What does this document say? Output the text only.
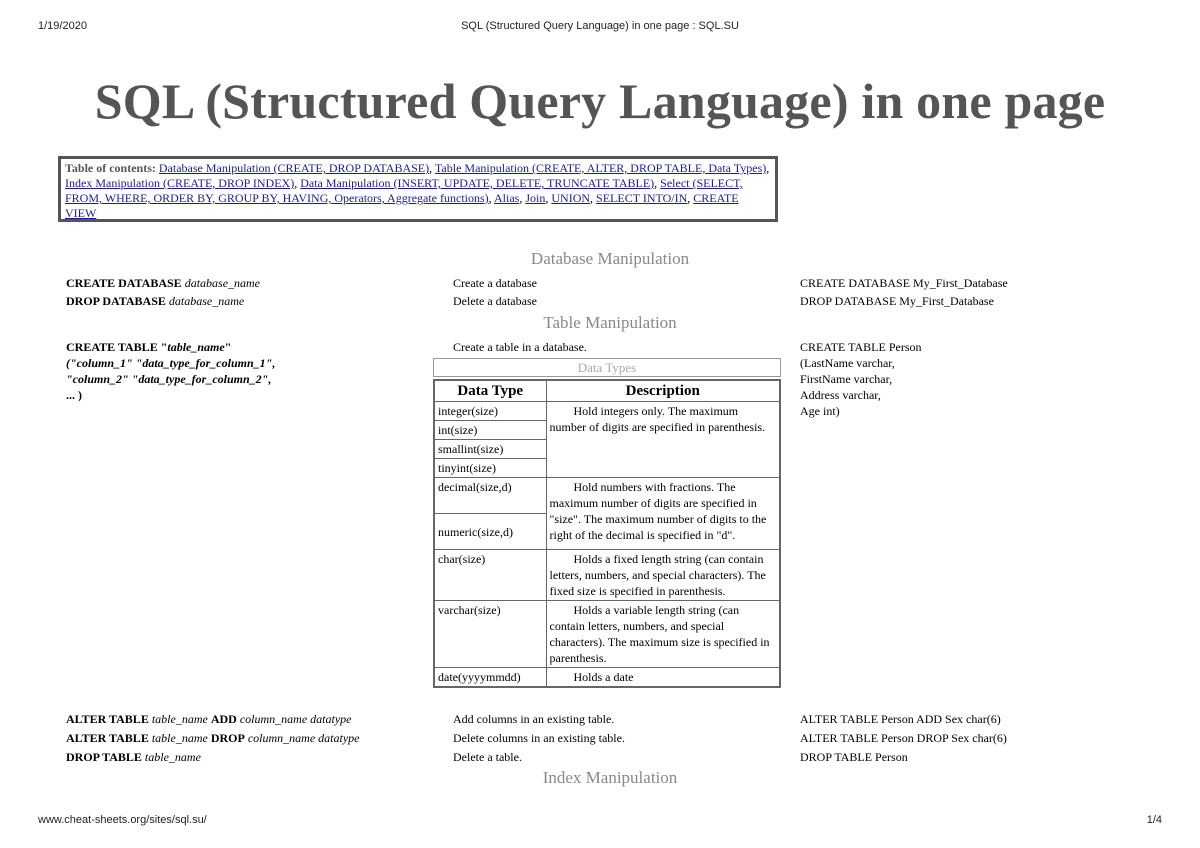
1/19/2020	SQL (Structured Query Language) in one page : SQL.SU
SQL (Structured Query Language) in one page
Table of contents: Database Manipulation (CREATE, DROP DATABASE), Table Manipulation (CREATE, ALTER, DROP TABLE, Data Types), Index Manipulation (CREATE, DROP INDEX), Data Manipulation (INSERT, UPDATE, DELETE, TRUNCATE TABLE), Select (SELECT, FROM, WHERE, ORDER BY, GROUP BY, HAVING, Operators, Aggregate functions), Alias, Join, UNION, SELECT INTO/IN, CREATE VIEW
Database Manipulation
CREATE DATABASE database_name	Create a database	CREATE DATABASE My_First_Database
DROP DATABASE database_name	Delete a database	DROP DATABASE My_First_Database
Table Manipulation
CREATE TABLE "table_name"
("column_1" "data_type_for_column_1",
"column_2" "data_type_for_column_2",
... )
Create a table in a database.	CREATE TABLE Person
(LastName varchar,
FirstName varchar,
Address varchar,
Age int)
Data Types
Data Type	Description
integer(size)	Hold integers only. The maximum number of digits are specified in parenthesis.
int(size)	
smallint(size)	
tinyint(size)	
decimal(size,d)	Hold numbers with fractions. The maximum number of digits are specified in "size". The maximum number of digits to the right of the decimal is specified in "d".
numeric(size,d)	
char(size)	Holds a fixed length string (can contain letters, numbers, and special characters). The fixed size is specified in parenthesis.
varchar(size)	Holds a variable length string (can contain letters, numbers, and special characters). The maximum size is specified in parenthesis.
date(yyyymmdd)	Holds a date
ALTER TABLE table_name ADD column_name datatype	Add columns in an existing table.	ALTER TABLE Person ADD Sex char(6)
ALTER TABLE table_name DROP column_name datatype	Delete columns in an existing table.	ALTER TABLE Person DROP Sex char(6)
DROP TABLE table_name	Delete a table.	DROP TABLE Person
Index Manipulation
www.cheat-sheets.org/sites/sql.su/	1/4
